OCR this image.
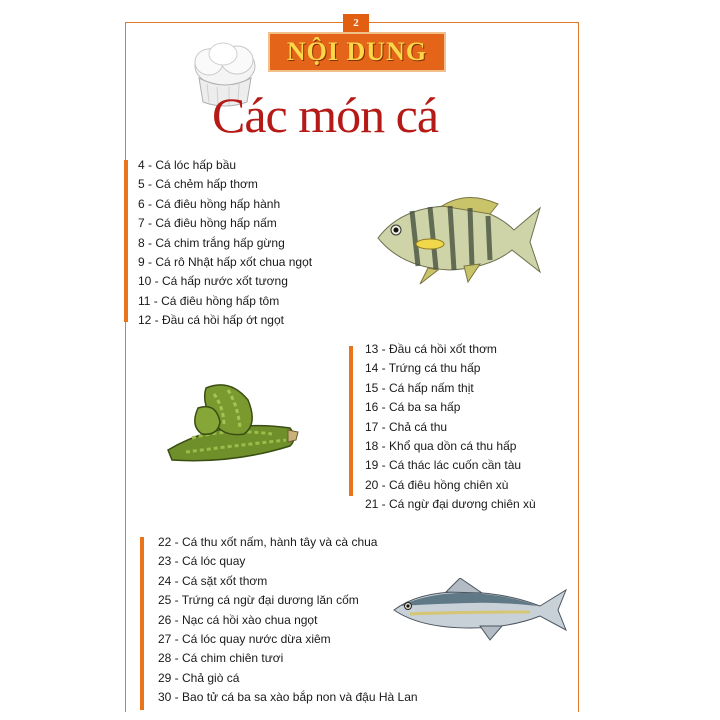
2
NỘI DUNG
Các món cá
4 - Cá lóc hấp bầu
5 - Cá chẻm hấp thơm
6 - Cá điêu hồng hấp hành
7 - Cá điêu hồng hấp nấm
8 - Cá chim trắng hấp gừng
9 - Cá rô Nhật hấp xốt chua ngọt
10 - Cá hấp nước xốt tương
11 - Cá điêu hồng hấp tôm
12 - Đầu cá hồi hấp ớt ngọt
13 - Đầu cá hồi xốt thơm
14 - Trứng cá thu hấp
15 - Cá hấp nấm thịt
16 - Cá ba sa hấp
17 - Chả cá thu
18 - Khổ qua dồn cá thu hấp
19 - Cá thác lác cuốn cần tàu
20 - Cá điêu hồng chiên xù
21 - Cá ngừ đại dương chiên xù
22 - Cá thu xốt nấm, hành tây và cà chua
23 - Cá lóc quay
24 - Cá sặt xốt thơm
25 - Trứng cá ngừ đại dương lăn cốm
26 - Nạc cá hồi xào chua ngọt
27 - Cá lóc quay nước dừa xiêm
28 - Cá chim chiên tươi
29 - Chả giò cá
30 - Bao tử cá ba sa xào bắp non và đậu Hà Lan
